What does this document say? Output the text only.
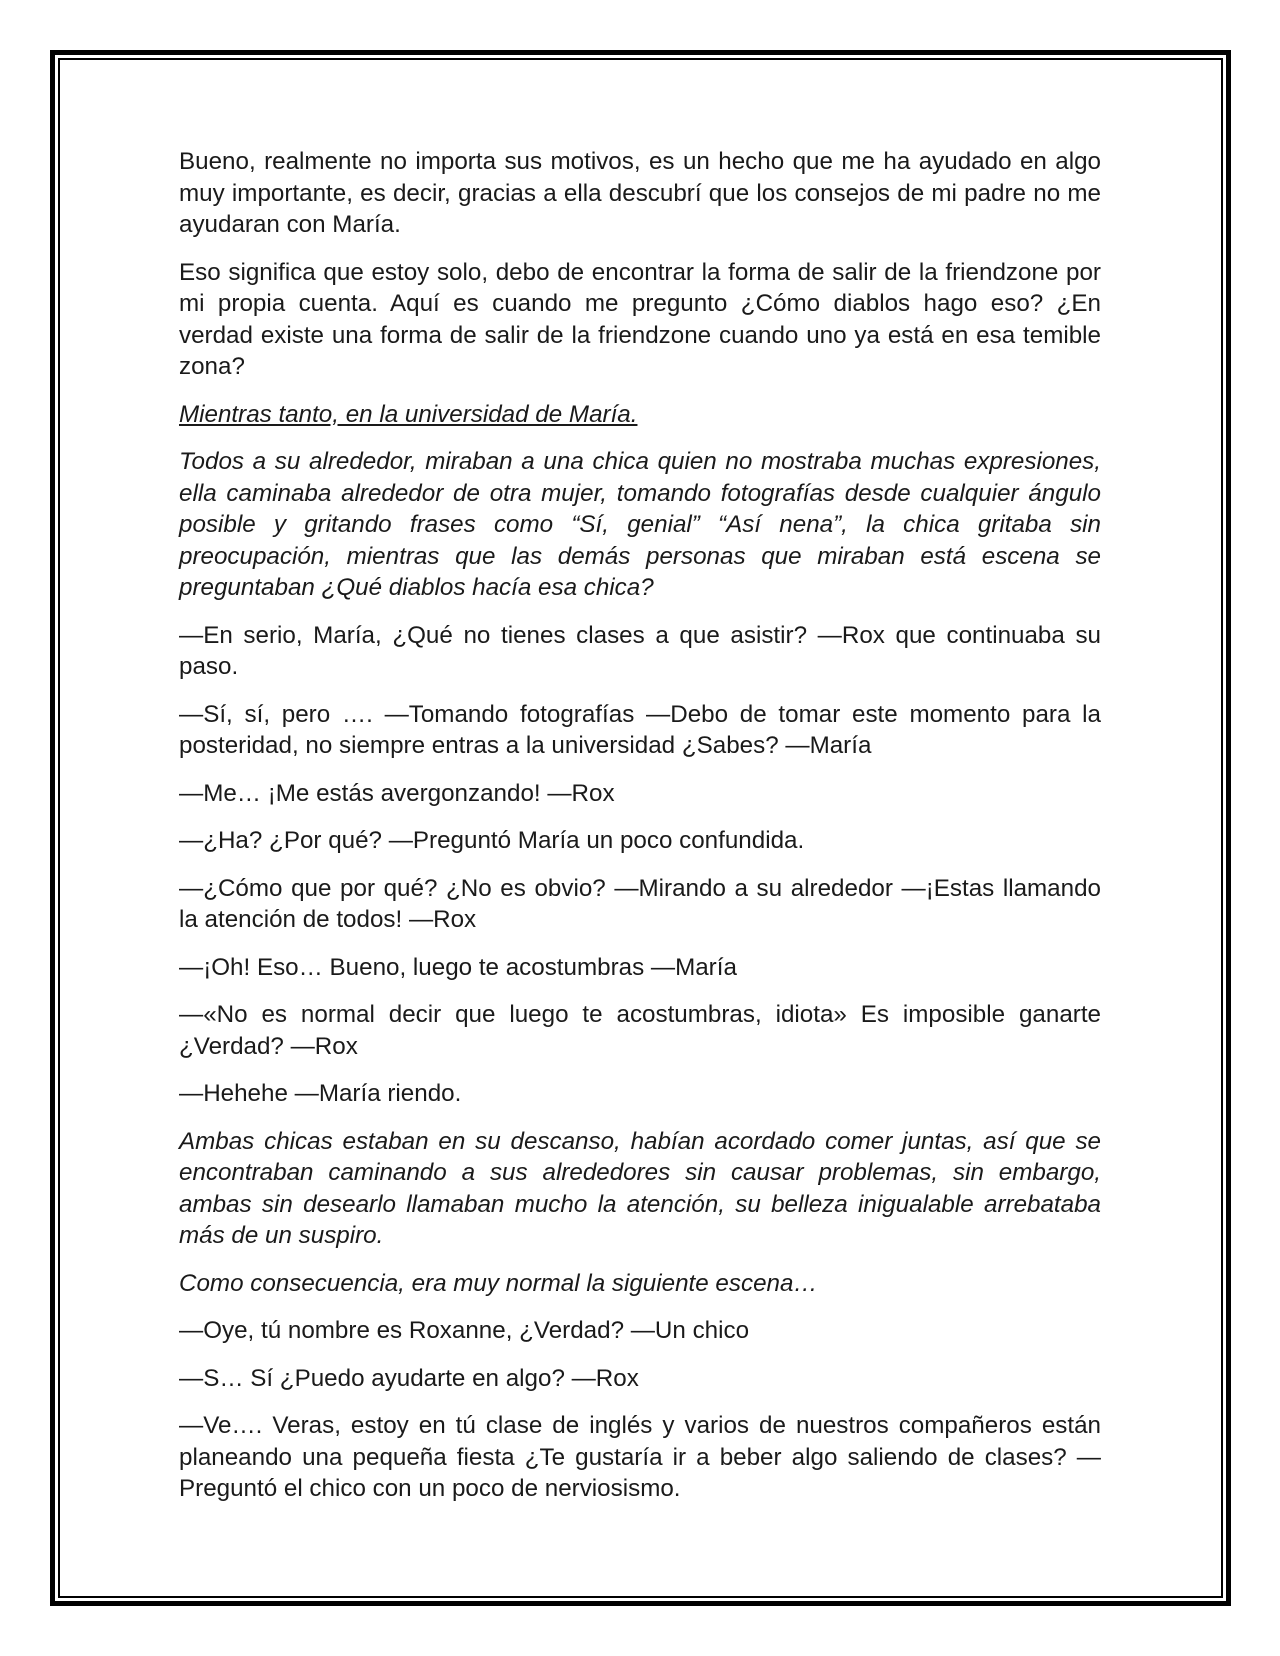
Bueno, realmente no importa sus motivos, es un hecho que me ha ayudado en algo muy importante, es decir, gracias a ella descubrí que los consejos de mi padre no me ayudaran con María.

Eso significa que estoy solo, debo de encontrar la forma de salir de la friendzone por mi propia cuenta. Aquí es cuando me pregunto ¿Cómo diablos hago eso? ¿En verdad existe una forma de salir de la friendzone cuando uno ya está en esa temible zona?

Mientras tanto, en la universidad de María.

Todos a su alrededor, miraban a una chica quien no mostraba muchas expresiones, ella caminaba alrededor de otra mujer, tomando fotografías desde cualquier ángulo posible y gritando frases como “Sí, genial” “Así nena”, la chica gritaba sin preocupación, mientras que las demás personas que miraban está escena se preguntaban ¿Qué diablos hacía esa chica?

—En serio, María, ¿Qué no tienes clases a que asistir? —Rox que continuaba su paso.

—Sí, sí, pero …. —Tomando fotografías —Debo de tomar este momento para la posteridad, no siempre entras a la universidad ¿Sabes? —María

—Me… ¡Me estás avergonzando! —Rox

—¿Ha? ¿Por qué? —Preguntó María un poco confundida.

—¿Cómo que por qué? ¿No es obvio? —Mirando a su alrededor —¡Estas llamando la atención de todos! —Rox

—¡Oh! Eso… Bueno, luego te acostumbras —María

—«No es normal decir que luego te acostumbras, idiota» Es imposible ganarte ¿Verdad? —Rox

—Hehehe —María riendo.

Ambas chicas estaban en su descanso, habían acordado comer juntas, así que se encontraban caminando a sus alrededores sin causar problemas, sin embargo, ambas sin desearlo llamaban mucho la atención, su belleza inigualable arrebataba más de un suspiro.

Como consecuencia, era muy normal la siguiente escena…

—Oye, tú nombre es Roxanne, ¿Verdad? —Un chico

—S… Sí ¿Puedo ayudarte en algo? —Rox

—Ve…. Veras, estoy en tú clase de inglés y varios de nuestros compañeros están planeando una pequeña fiesta ¿Te gustaría ir a beber algo saliendo de clases? —Preguntó el chico con un poco de nerviosismo.
